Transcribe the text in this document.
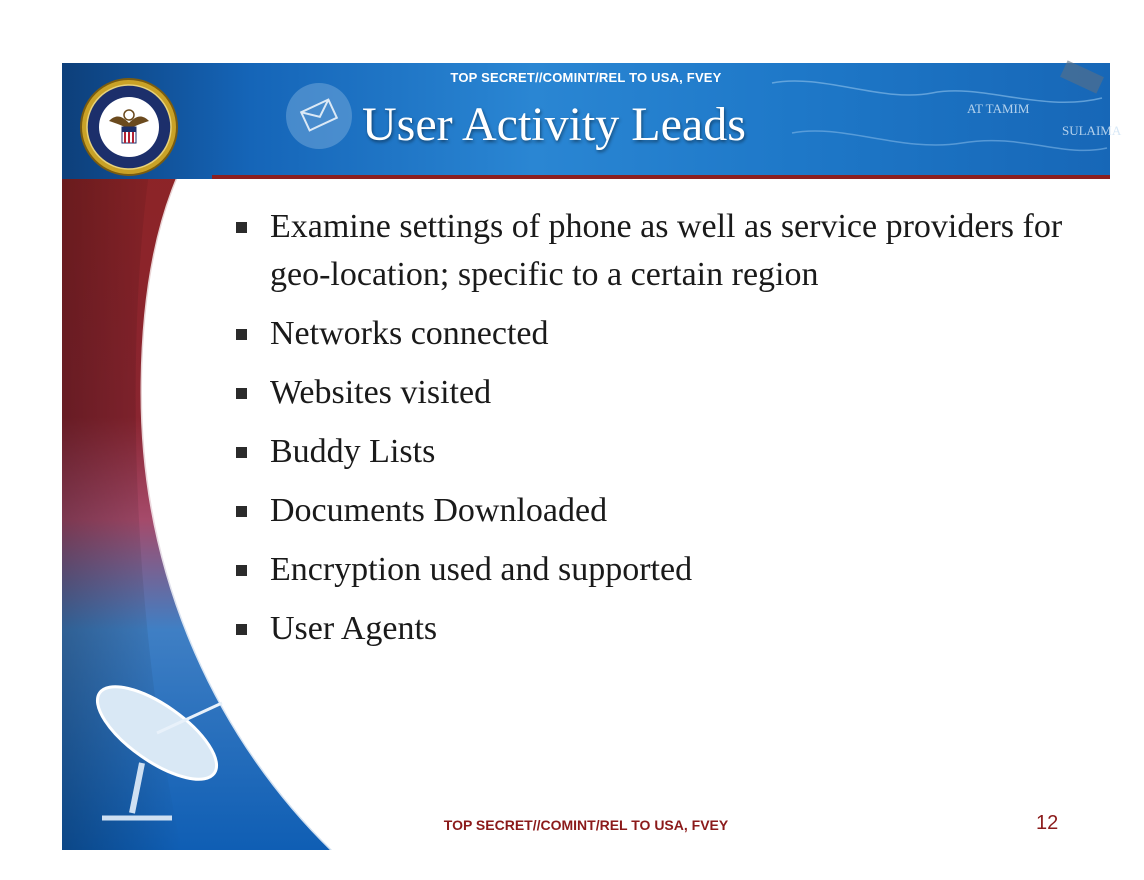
AT TAMIM
SULAIMA
TOP SECRET//COMINT/REL TO USA, FVEY
User Activity Leads
Examine settings of phone as well as service providers for geo-location; specific to a certain region
Networks connected
Websites visited
Buddy Lists
Documents Downloaded
Encryption used and supported
User Agents
TOP SECRET//COMINT/REL TO USA, FVEY	12
